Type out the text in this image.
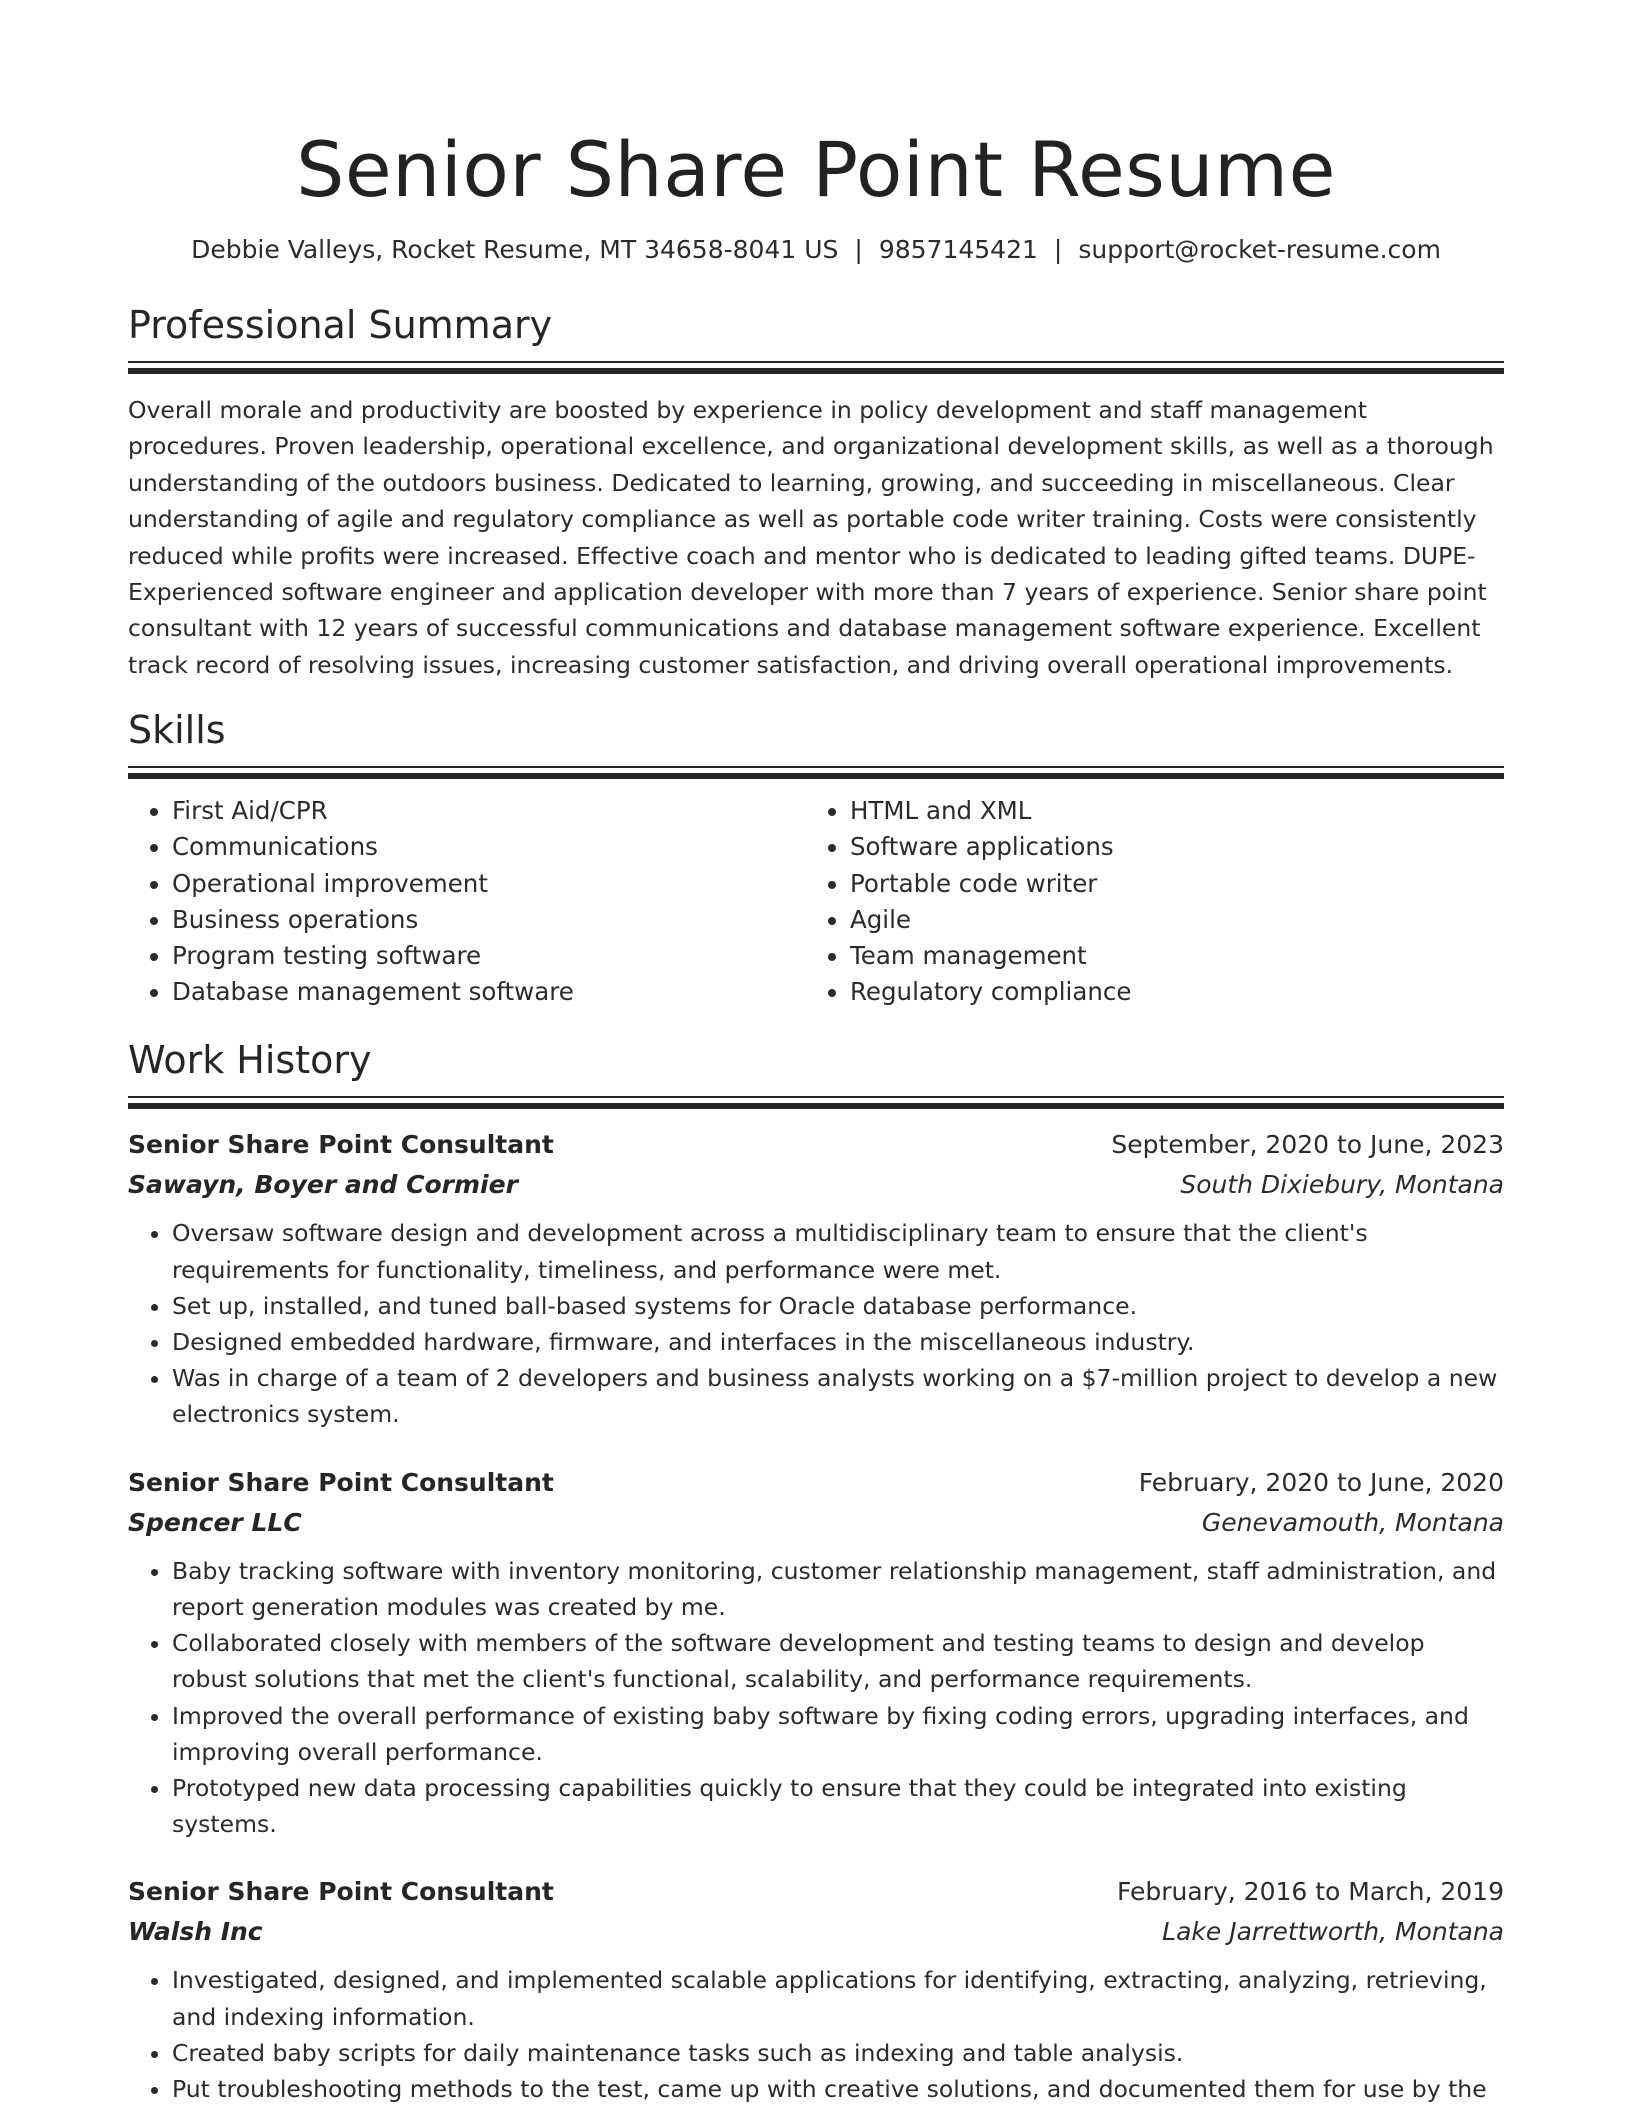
Senior Share Point Resume
Debbie Valleys, Rocket Resume, MT 34658-8041 US | 9857145421 | support@rocket-resume.com
Professional Summary

Overall morale and productivity are boosted by experience in policy development and staff management procedures. Proven leadership, operational excellence, and organizational development skills, as well as a thorough understanding of the outdoors business. Dedicated to learning, growing, and succeeding in miscellaneous. Clear understanding of agile and regulatory compliance as well as portable code writer training. Costs were consistently reduced while profits were increased. Effective coach and mentor who is dedicated to leading gifted teams. DUPE- Experienced software engineer and application developer with more than 7 years of experience. Senior share point consultant with 12 years of successful communications and database management software experience. Excellent track record of resolving issues, increasing customer satisfaction, and driving overall operational improvements.

Skills
• First Aid/CPR
• Communications
• Operational improvement
• Business operations
• Program testing software
• Database management software
• HTML and XML
• Software applications
• Portable code writer
• Agile
• Team management
• Regulatory compliance
Work History
Senior Share Point Consultant	September, 2020 to June, 2023
Sawayn, Boyer and Cormier	South Dixiebury, Montana
• Oversaw software design and development across a multidisciplinary team to ensure that the client's requirements for functionality, timeliness, and performance were met.
• Set up, installed, and tuned ball-based systems for Oracle database performance.
• Designed embedded hardware, firmware, and interfaces in the miscellaneous industry.
• Was in charge of a team of 2 developers and business analysts working on a $7-million project to develop a new electronics system.
Senior Share Point Consultant	February, 2020 to June, 2020
Spencer LLC	Genevamouth, Montana
• Baby tracking software with inventory monitoring, customer relationship management, staff administration, and report generation modules was created by me.
• Collaborated closely with members of the software development and testing teams to design and develop robust solutions that met the client's functional, scalability, and performance requirements.
• Improved the overall performance of existing baby software by fixing coding errors, upgrading interfaces, and improving overall performance.
• Prototyped new data processing capabilities quickly to ensure that they could be integrated into existing systems.
Senior Share Point Consultant	February, 2016 to March, 2019
Walsh Inc	Lake Jarrettworth, Montana
• Investigated, designed, and implemented scalable applications for identifying, extracting, analyzing, retrieving, and indexing information.
• Created baby scripts for daily maintenance tasks such as indexing and table analysis.
• Put troubleshooting methods to the test, came up with creative solutions, and documented them for use by the
